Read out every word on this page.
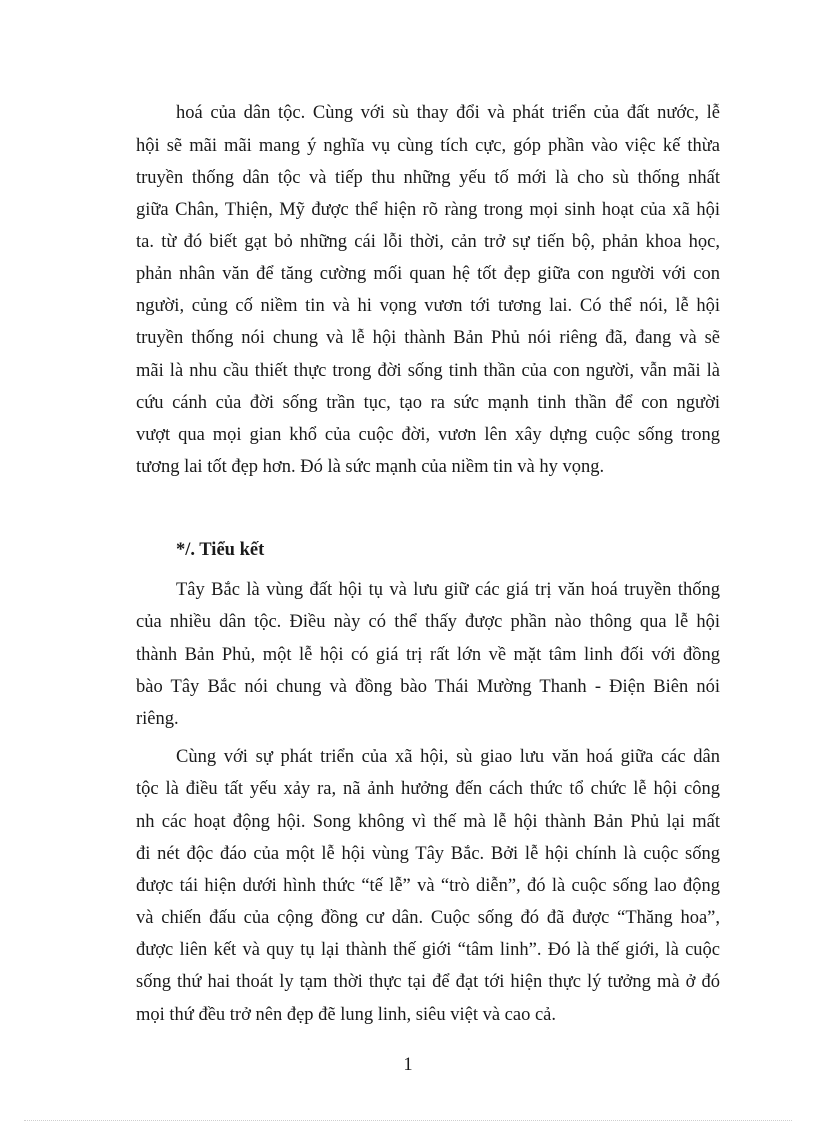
hoá của dân tộc. Cùng với sù thay đổi và phát triển của đất nước, lễ
hội sẽ mãi mãi mang ý nghĩa vụ cùng tích cực, góp phần vào việc kế thừa
truyền thống dân tộc và tiếp thu những yếu tố mới là cho sù thống nhất
giữa Chân, Thiện, Mỹ được thể hiện rõ ràng trong mọi sinh hoạt của xã hội
ta. từ đó biết gạt bỏ những cái lỗi thời, cản trở sự tiến bộ, phản khoa học,
phản nhân văn để tăng cường mối quan hệ tốt đẹp giữa con người với con
người, củng cố niềm tin và hi vọng vươn tới tương lai. Có thể nói, lễ hội
truyền thống nói chung và lễ hội thành Bản Phủ nói riêng đã, đang và sẽ
mãi là nhu cầu thiết thực trong đời sống tinh thần của con người, vẫn mãi là
cứu cánh của đời sống trần tục, tạo ra sức mạnh tinh thần để con người
vượt qua mọi gian khổ của cuộc đời, vươn lên xây dựng cuộc sống trong
tương lai tốt đẹp hơn. Đó là sức mạnh của niềm tin và hy vọng.
*/. Tiểu kết
Tây Bắc là vùng đất hội tụ và lưu giữ các giá trị văn hoá truyền thống
của nhiều dân tộc. Điều này có thể thấy được phần nào thông qua lễ hội
thành Bản Phủ, một lễ hội có giá trị rất lớn về mặt tâm linh đối với đồng
bào Tây Bắc nói chung và đồng bào Thái Mường Thanh - Điện Biên nói
riêng.
Cùng với sự phát triển của xã hội, sù giao lưu văn hoá giữa các dân
tộc là điều tất yếu xảy ra, nã ảnh hưởng đến cách thức tổ chức lễ hội công
nh các hoạt động hội. Song không vì thế mà lễ hội thành Bản Phủ lại mất
đi nét độc đáo của một lễ hội vùng Tây Bắc. Bởi lễ hội chính là cuộc sống
được tái hiện dưới hình thức “tế lễ” và “trò diễn”, đó là cuộc sống lao động
và chiến đấu của cộng đồng cư dân. Cuộc sống đó đã được “Thăng hoa”,
được liên kết và quy tụ lại thành thế giới “tâm linh”. Đó là thế giới, là cuộc
sống thứ hai thoát ly tạm thời thực tại để đạt tới hiện thực lý tưởng mà ở đó
mọi thứ đều trở nên đẹp đẽ lung linh, siêu việt và cao cả.
1
